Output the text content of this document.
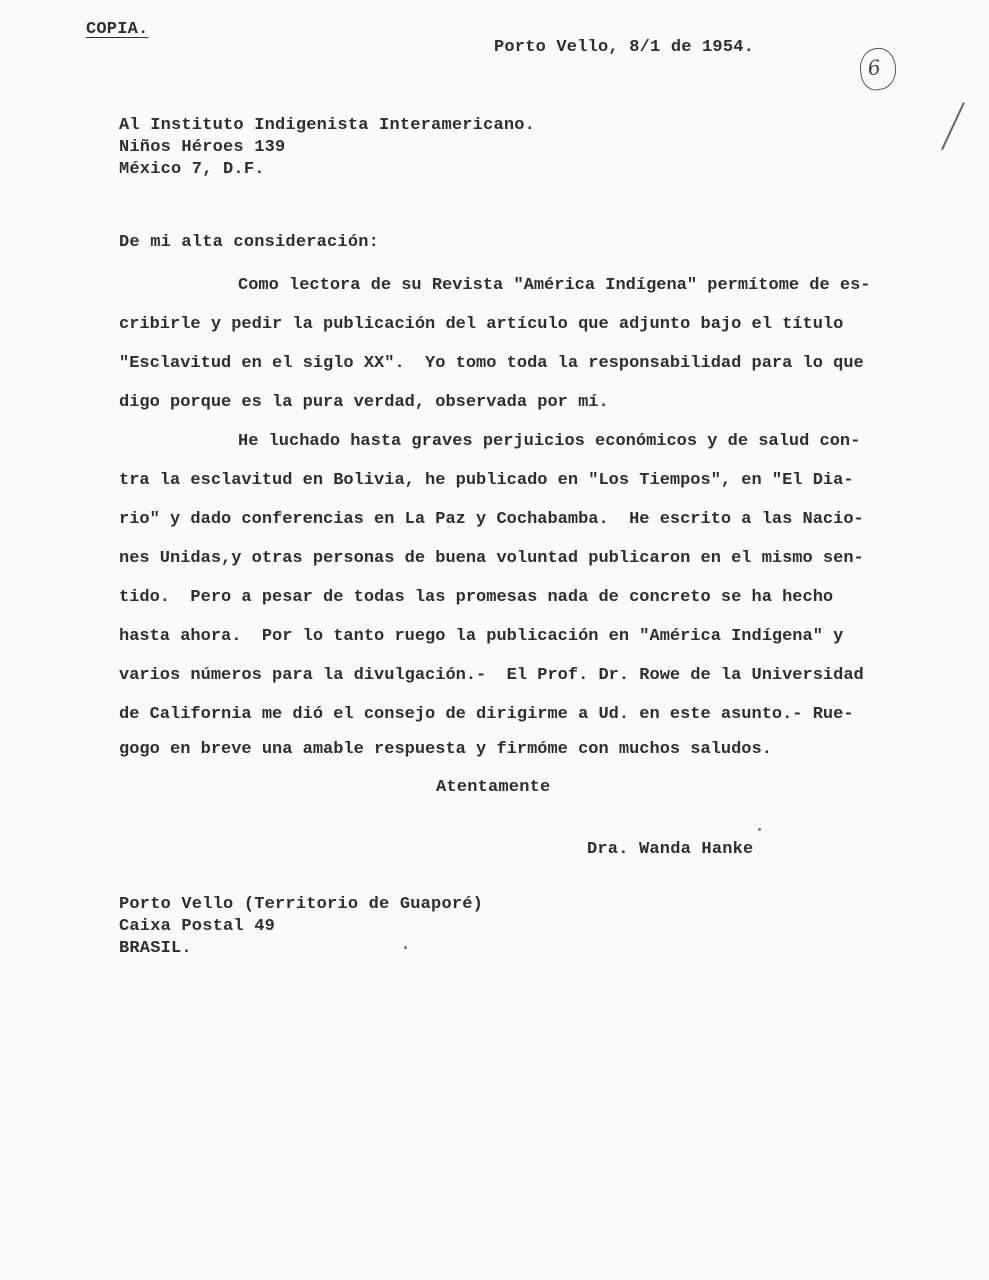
COPIA.
Porto Vello, 8/1 de 1954.
6
Al Instituto Indigenista Interamericano.
Niños Héroes 139
México 7, D.F.
De mi alta consideración:
Como lectora de su Revista "América Indígena" permítome de es-
cribirle y pedir la publicación del artículo que adjunto bajo el título
"Esclavitud en el siglo XX".  Yo tomo toda la responsabilidad para lo que
digo porque es la pura verdad, observada por mí.
He luchado hasta graves perjuicios económicos y de salud con-
tra la esclavitud en Bolivia, he publicado en "Los Tiempos", en "El Dia-
rio" y dado conferencias en La Paz y Cochabamba.  He escrito a las Nacio-
nes Unidas,y otras personas de buena voluntad publicaron en el mismo sen-
tido.  Pero a pesar de todas las promesas nada de concreto se ha hecho
hasta ahora.  Por lo tanto ruego la publicación en "América Indígena" y
varios números para la divulgación.-  El Prof. Dr. Rowe de la Universidad
de California me dió el consejo de dirigirme a Ud. en este asunto.- Rue-
gogo en breve una amable respuesta y firmóme con muchos saludos.
Atentamente
Dra. Wanda Hanke
Porto Vello (Territorio de Guaporé)
Caixa Postal 49
BRASIL.
